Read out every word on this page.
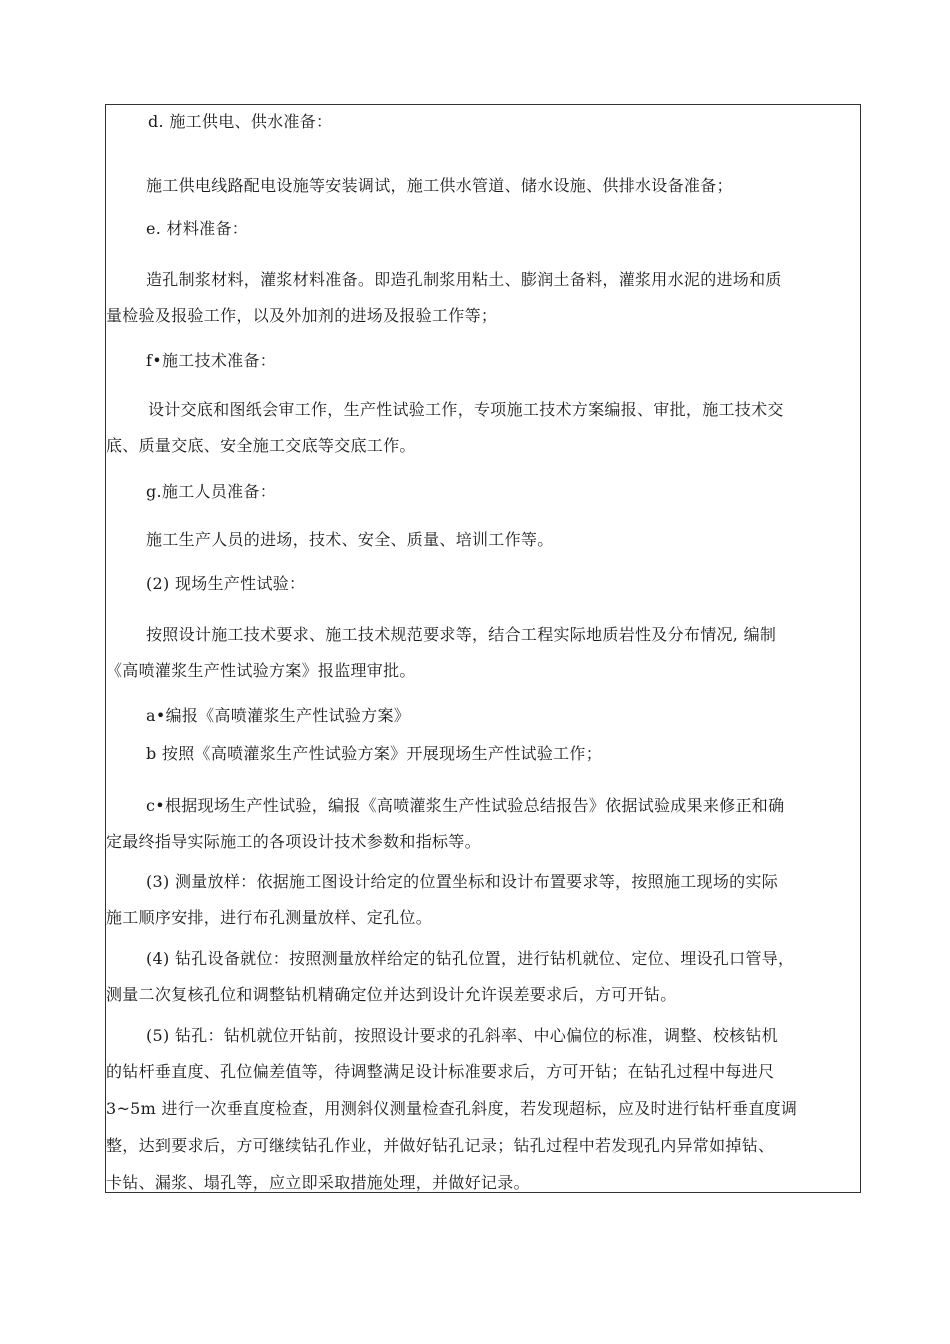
d. 施工供电、供水准备：
施工供电线路配电设施等安装调试，施工供水管道、储水设施、供排水设备准备；
e. 材料准备：
造孔制浆材料，灌浆材料准备。即造孔制浆用粘土、膨润土备料，灌浆用水泥的进场和质
量检验及报验工作，以及外加剂的进场及报验工作等；
f•施工技术准备：
设计交底和图纸会审工作，生产性试验工作，专项施工技术方案编报、审批，施工技术交
底、质量交底、安全施工交底等交底工作。
g.施工人员准备：
施工生产人员的进场，技术、安全、质量、培训工作等。
(2) 现场生产性试验：
按照设计施工技术要求、施工技术规范要求等，结合工程实际地质岩性及分布情况, 编制
《高喷灌浆生产性试验方案》报监理审批。
a•编报《高喷灌浆生产性试验方案》
b 按照《高喷灌浆生产性试验方案》开展现场生产性试验工作；
c•根据现场生产性试验，编报《高喷灌浆生产性试验总结报告》依据试验成果来修正和确
定最终指导实际施工的各项设计技术参数和指标等。
(3) 测量放样：依据施工图设计给定的位置坐标和设计布置要求等，按照施工现场的实际
施工顺序安排，进行布孔测量放样、定孔位。
(4) 钻孔设备就位：按照测量放样给定的钻孔位置，进行钻机就位、定位、埋设孔口管导，
测量二次复核孔位和调整钻机精确定位并达到设计允许误差要求后，方可开钻。
(5) 钻孔：钻机就位开钻前，按照设计要求的孔斜率、中心偏位的标准，调整、校核钻机
的钻杆垂直度、孔位偏差值等，待调整满足设计标准要求后，方可开钻；在钻孔过程中每进尺
3~5m 进行一次垂直度检查，用测斜仪测量检查孔斜度，若发现超标，应及时进行钻杆垂直度调
整，达到要求后，方可继续钻孔作业，并做好钻孔记录；钻孔过程中若发现孔内异常如掉钻、
卡钻、漏浆、塌孔等，应立即采取措施处理，并做好记录。
